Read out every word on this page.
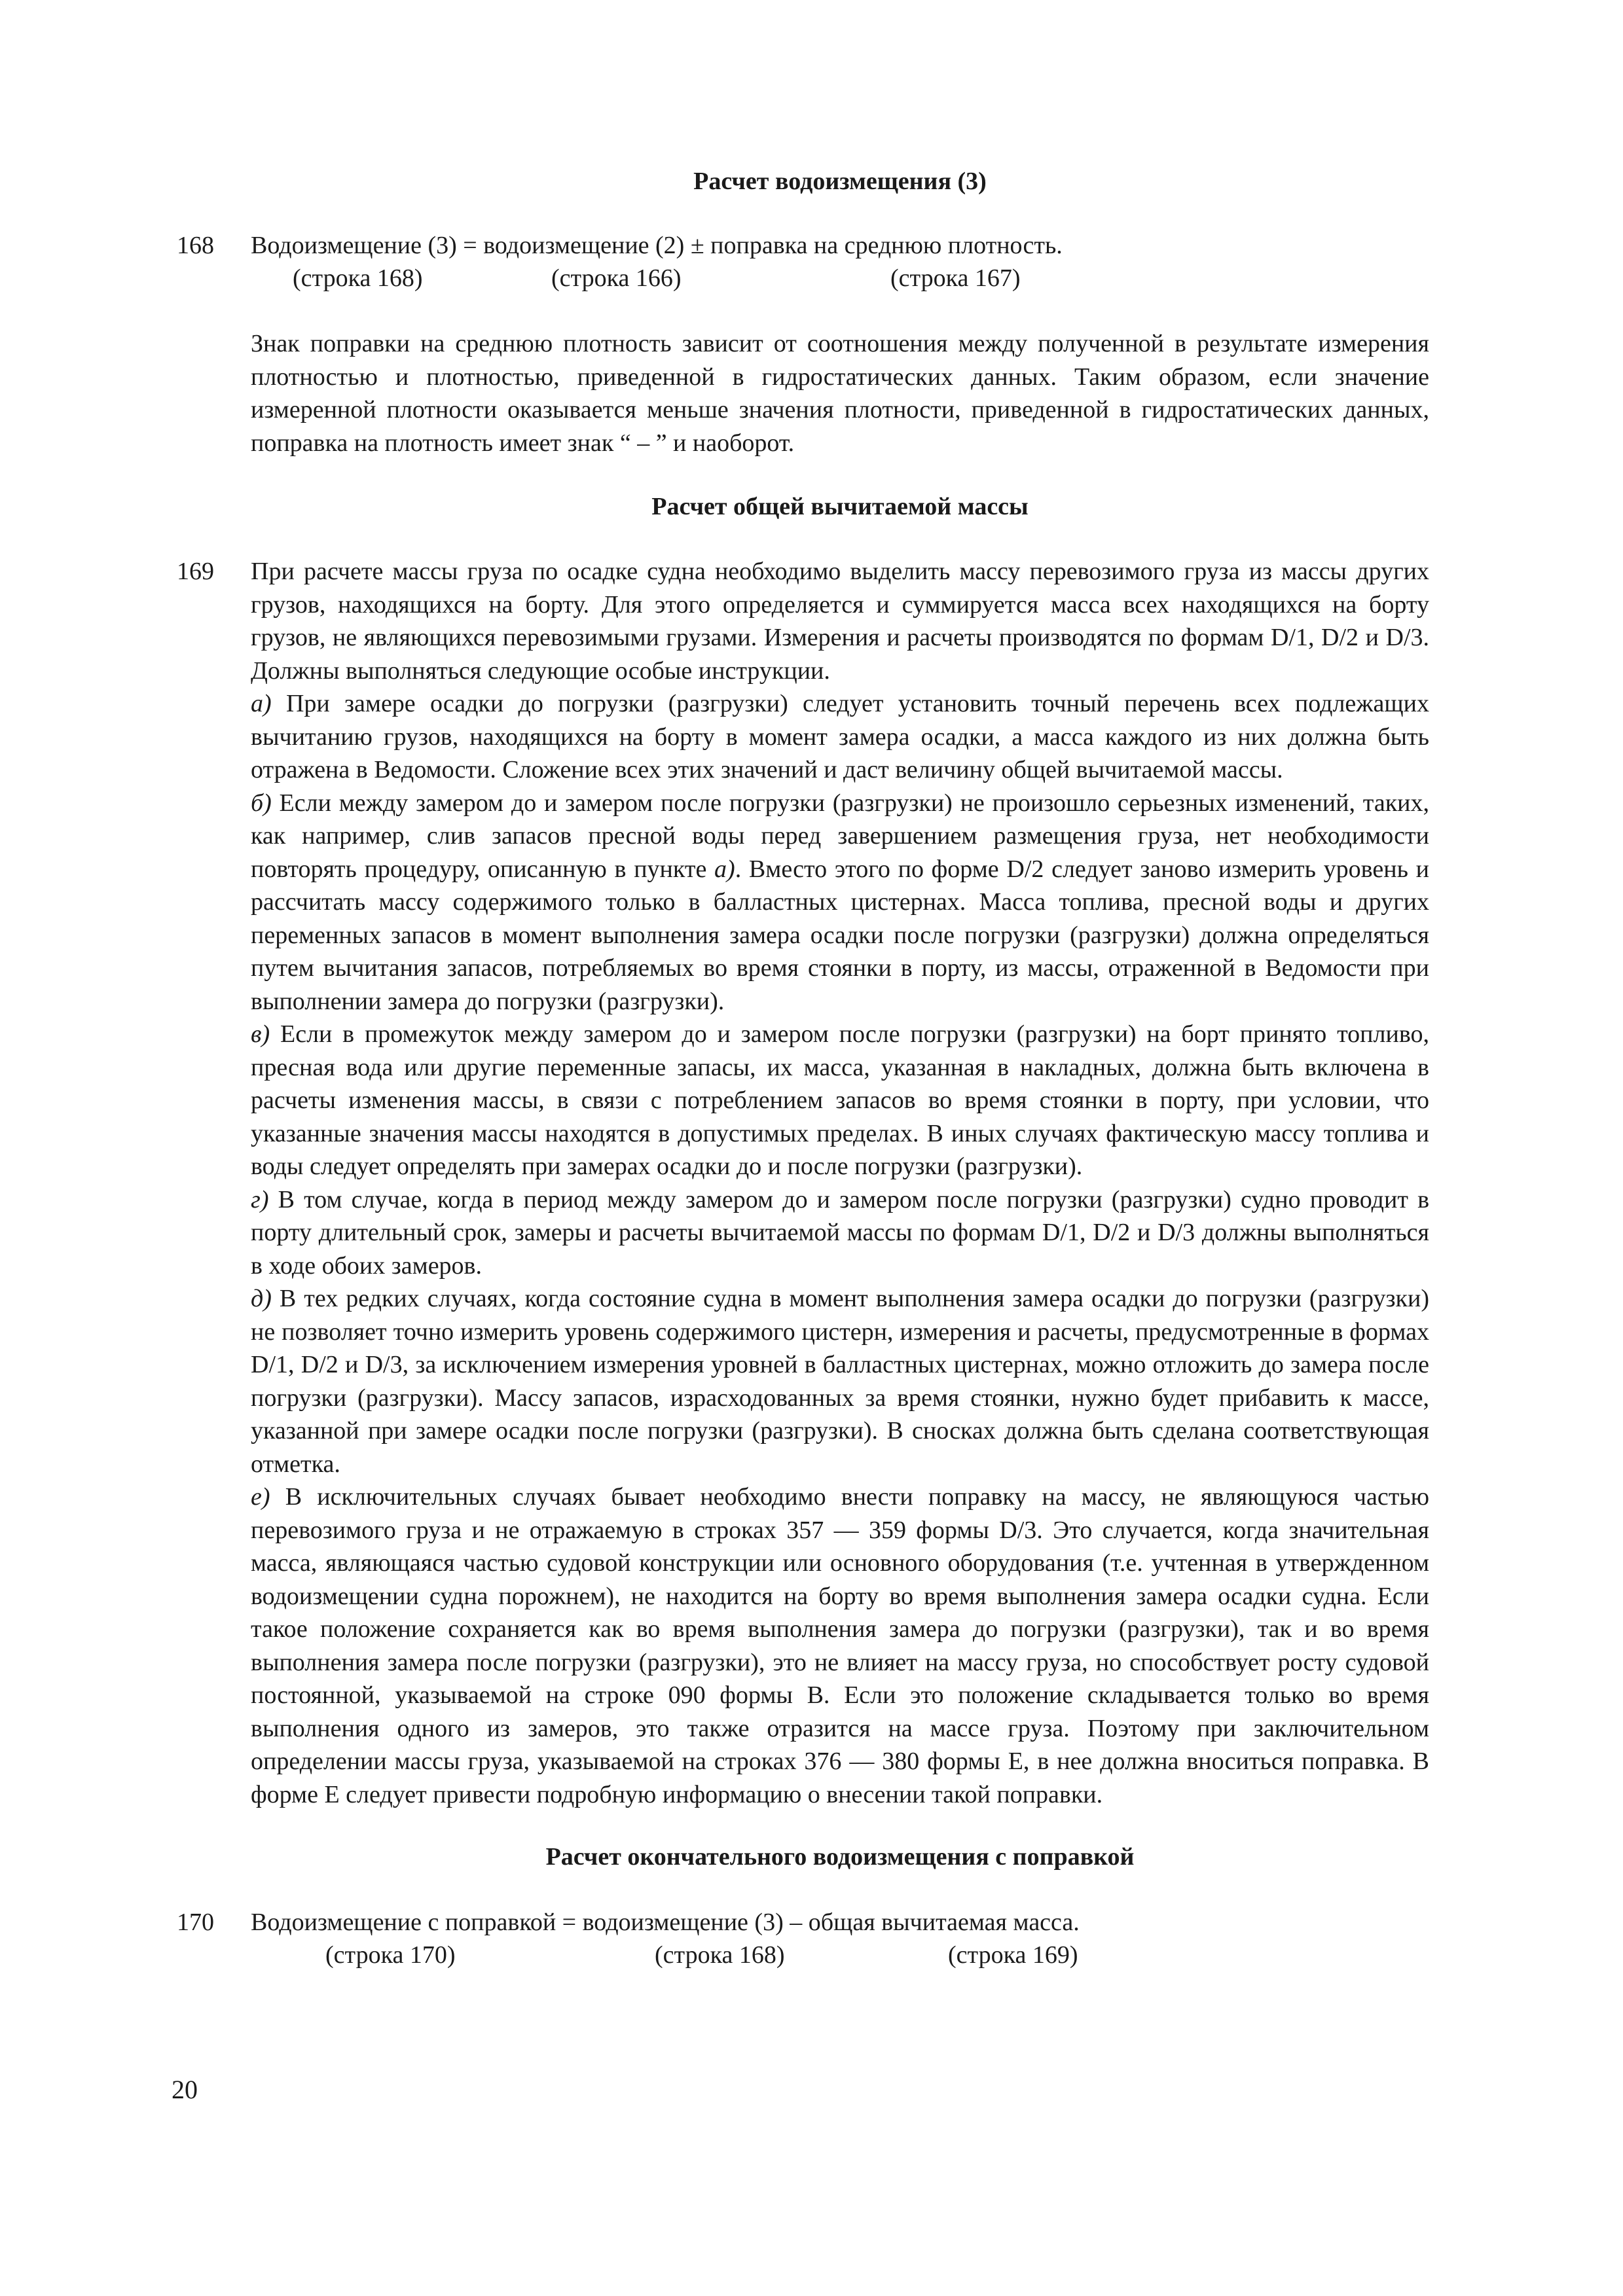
Расчет водоизмещения (3)
168 Водоизмещение (3) = водоизмещение (2) ± поправка на среднюю плотность.
(строка 168)	(строка 166)	(строка 167)

Знак поправки на среднюю плотность зависит от соотношения между полученной в результате измерения плотностью и плотностью, приведенной в гидростатических данных. Таким образом, если значение измеренной плотности оказывается меньше значения плотности, приведенной в гидростатических данных, поправка на плотность имеет знак “ – ” и наоборот.

Расчет общей вычитаемой массы
169 При расчете массы груза по осадке судна необходимо выделить массу перевозимого груза из массы других грузов, находящихся на борту. Для этого определяется и суммируется масса всех находящихся на борту грузов, не являющихся перевозимыми грузами. Измерения и расчеты производятся по формам D/1, D/2 и D/3. Должны выполняться следующие особые инструкции.

а) При замере осадки до погрузки (разгрузки) следует установить точный перечень всех подлежащих вычитанию грузов, находящихся на борту в момент замера осадки, а масса каждого из них должна быть отражена в Ведомости. Сложение всех этих значений и даст величину общей вычитаемой массы.

б) Если между замером до и замером после погрузки (разгрузки) не произошло серьезных изменений, таких, как например, слив запасов пресной воды перед завершением размещения груза, нет необходимости повторять процедуру, описанную в пункте а). Вместо этого по форме D/2 следует заново измерить уровень и рассчитать массу содержимого только в балластных цистернах. Масса топлива, пресной воды и других переменных запасов в момент выполнения замера осадки после погрузки (разгрузки) должна определяться путем вычитания запасов, потребляемых во время стоянки в порту, из массы, отраженной в Ведомости при выполнении замера до погрузки (разгрузки).

в) Если в промежуток между замером до и замером после погрузки (разгрузки) на борт принято топливо, пресная вода или другие переменные запасы, их масса, указанная в накладных, должна быть включена в расчеты изменения массы, в связи с потреблением запасов во время стоянки в порту, при условии, что указанные значения массы находятся в допустимых пределах. В иных случаях фактическую массу топлива и воды следует определять при замерах осадки до и после погрузки (разгрузки).

г) В том случае, когда в период между замером до и замером после погрузки (разгрузки) судно проводит в порту длительный срок, замеры и расчеты вычитаемой массы по формам D/1, D/2 и D/3 должны выполняться в ходе обоих замеров.

д) В тех редких случаях, когда состояние судна в момент выполнения замера осадки до погрузки (разгрузки) не позволяет точно измерить уровень содержимого цистерн, измерения и расчеты, предусмотренные в формах D/1, D/2 и D/3, за исключением измерения уровней в балластных цистернах, можно отложить до замера после погрузки (разгрузки). Массу запасов, израсходованных за время стоянки, нужно будет прибавить к массе, указанной при замере осадки после погрузки (разгрузки). В сносках должна быть сделана соответствующая отметка.

е) В исключительных случаях бывает необходимо внести поправку на массу, не являющуюся частью перевозимого груза и не отражаемую в строках 357 — 359 формы D/3. Это случается, когда значительная масса, являющаяся частью судовой конструкции или основного оборудования (т.е. учтенная в утвержденном водоизмещении судна порожнем), не находится на борту во время выполнения замера осадки судна. Если такое положение сохраняется как во время выполнения замера до погрузки (разгрузки), так и во время выполнения замера после погрузки (разгрузки), это не влияет на массу груза, но способствует росту судовой постоянной, указываемой на строке 090 формы B. Если это положение складывается только во время выполнения одного из замеров, это также отразится на массе груза. Поэтому при заключительном определении массы груза, указываемой на строках 376 — 380 формы E, в нее должна вноситься поправка. В форме E следует привести подробную информацию о внесении такой поправки.

Расчет окончательного водоизмещения с поправкой
170 Водоизмещение с поправкой = водоизмещение (3) – общая вычитаемая масса.
(строка 170)	(строка 168)	(строка 169)
20
